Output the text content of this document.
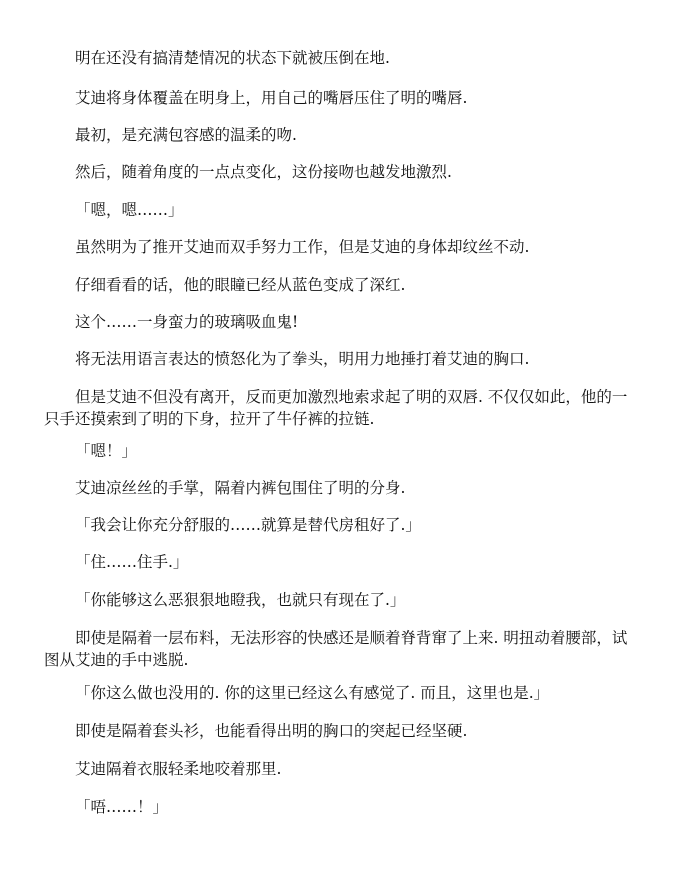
明在还没有搞清楚情况的状态下就被压倒在地.

艾迪将身体覆盖在明身上，用自己的嘴唇压住了明的嘴唇.

最初，是充满包容感的温柔的吻.

然后，随着角度的一点点变化，这份接吻也越发地激烈.

「嗯，嗯……」

虽然明为了推开艾迪而双手努力工作，但是艾迪的身体却纹丝不动.

仔细看看的话，他的眼瞳已经从蓝色变成了深红.

这个……一身蛮力的玻璃吸血鬼!

将无法用语言表达的愤怒化为了拳头，明用力地捶打着艾迪的胸口.

但是艾迪不但没有离开，反而更加激烈地索求起了明的双唇. 不仅仅如此，他的一只手还摸索到了明的下身，拉开了牛仔裤的拉链.

「嗯！」

艾迪凉丝丝的手掌，隔着内裤包围住了明的分身.

「我会让你充分舒服的……就算是替代房租好了.」

「住……住手.」

「你能够这么恶狠狠地瞪我，也就只有现在了.」

即使是隔着一层布料，无法形容的快感还是顺着脊背窜了上来. 明扭动着腰部，试图从艾迪的手中逃脱.

「你这么做也没用的. 你的这里已经这么有感觉了. 而且，这里也是.」

即使是隔着套头衫，也能看得出明的胸口的突起已经坚硬.

艾迪隔着衣服轻柔地咬着那里.

「唔……！」
